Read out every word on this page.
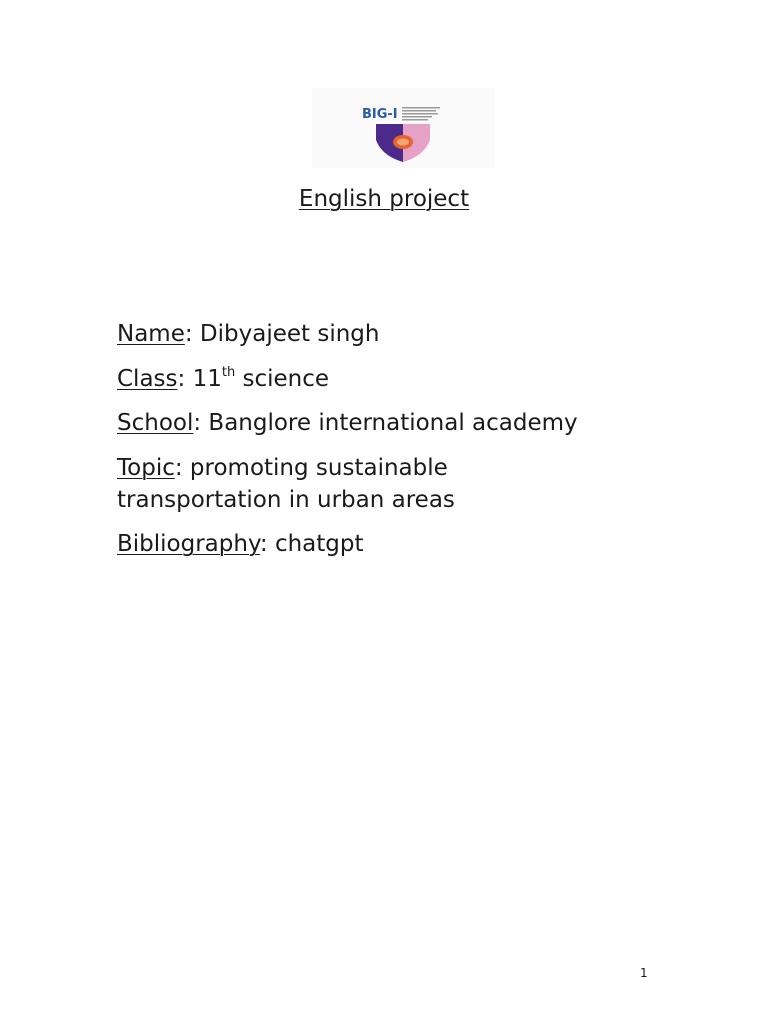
BIG-I
English project
Name: Dibyajeet singh
Class: 11th science
School: Banglore international academy
Topic: promoting sustainable
transportation in urban areas
Bibliography: chatgpt
1
